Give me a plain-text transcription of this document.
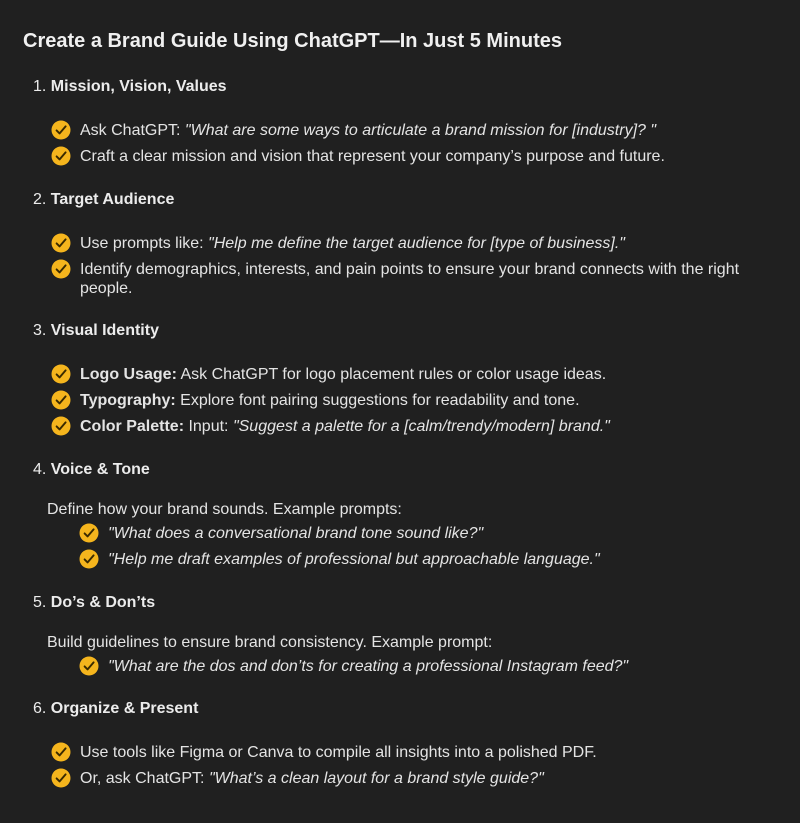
Create a Brand Guide Using ChatGPT—In Just 5 Minutes
1. Mission, Vision, Values
Ask ChatGPT: "What are some ways to articulate a brand mission for [industry]? "
Craft a clear mission and vision that represent your company’s purpose and future.
2. Target Audience
Use prompts like: "Help me define the target audience for [type of business]."
Identify demographics, interests, and pain points to ensure your brand connects with the right people.
3. Visual Identity
Logo Usage: Ask ChatGPT for logo placement rules or color usage ideas.
Typography: Explore font pairing suggestions for readability and tone.
Color Palette: Input: "Suggest a palette for a [calm/trendy/modern] brand."
4. Voice & Tone
Define how your brand sounds. Example prompts:
"What does a conversational brand tone sound like?"
"Help me draft examples of professional but approachable language."
5. Do’s & Don’ts
Build guidelines to ensure brand consistency. Example prompt:
"What are the dos and don’ts for creating a professional Instagram feed?"
6. Organize & Present
Use tools like Figma or Canva to compile all insights into a polished PDF.
Or, ask ChatGPT: "What’s a clean layout for a brand style guide?"
